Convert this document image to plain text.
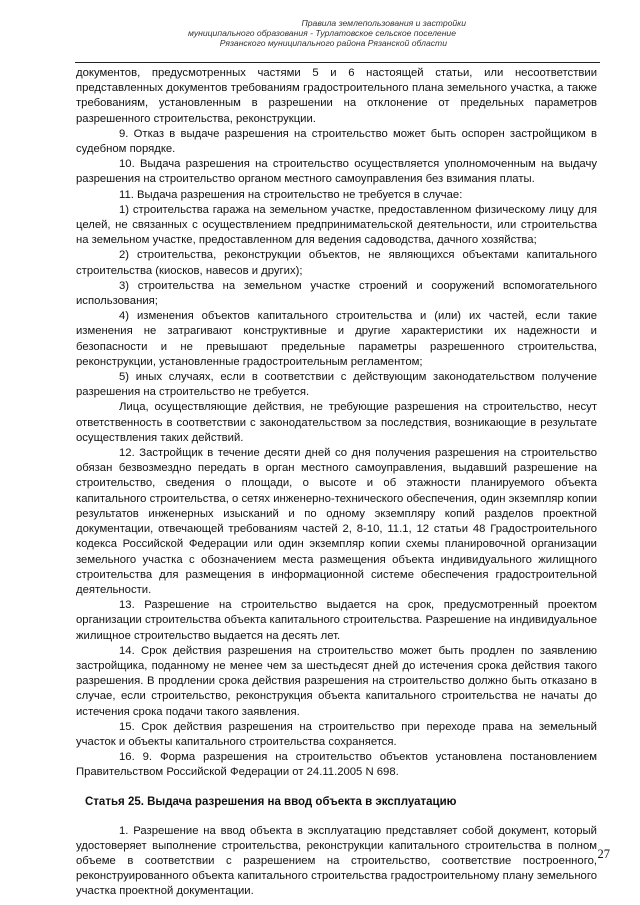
Правила землепользования и застройки
муниципального образования - Турлатовское сельское поселение
Рязанского муниципального района Рязанской области

документов, предусмотренных частями 5 и 6 настоящей статьи, или несоответствии представленных документов требованиям градостроительного плана земельного участка, а также требованиям, установленным в разрешении на отклонение от предельных параметров разрешенного строительства, реконструкции.

9. Отказ в выдаче разрешения на строительство может быть оспорен застройщиком в судебном порядке.

10. Выдача разрешения на строительство осуществляется уполномоченным на выдачу разрешения на строительство органом местного самоуправления без взимания платы.

11. Выдача разрешения на строительство не требуется в случае:

1) строительства гаража на земельном участке, предоставленном физическому лицу для целей, не связанных с осуществлением предпринимательской деятельности, или строительства на земельном участке, предоставленном для ведения садоводства, дачного хозяйства;

2) строительства, реконструкции объектов, не являющихся объектами капитального строительства (киосков, навесов и других);

3) строительства на земельном участке строений и сооружений вспомогательного использования;

4) изменения объектов капитального строительства и (или) их частей, если такие изменения не затрагивают конструктивные и другие характеристики их надежности и безопасности и не превышают предельные параметры разрешенного строительства, реконструкции, установленные градостроительным регламентом;

5) иных случаях, если в соответствии с действующим законодательством получение разрешения на строительство не требуется.

Лица, осуществляющие действия, не требующие разрешения на строительство, несут ответственность в соответствии с законодательством за последствия, возникающие в результате осуществления таких действий.

12. Застройщик в течение десяти дней со дня получения разрешения на строительство обязан безвозмездно передать в орган местного самоуправления, выдавший разрешение на строительство, сведения о площади, о высоте и об этажности планируемого объекта капитального строительства, о сетях инженерно-технического обеспечения, один экземпляр копии результатов инженерных изысканий и по одному экземпляру копий разделов проектной документации, отвечающей требованиям частей 2, 8-10, 11.1, 12 статьи 48 Градостроительного кодекса Российской Федерации или один экземпляр копии схемы планировочной организации земельного участка с обозначением места размещения объекта индивидуального жилищного строительства для размещения в информационной системе обеспечения градостроительной деятельности.

13. Разрешение на строительство выдается на срок, предусмотренный проектом организации строительства объекта капитального строительства. Разрешение на индивидуальное жилищное строительство выдается на десять лет.

14. Срок действия разрешения на строительство может быть продлен по заявлению застройщика, поданному не менее чем за шестьдесят дней до истечения срока действия такого разрешения. В продлении срока действия разрешения на строительство должно быть отказано в случае, если строительство, реконструкция объекта капитального строительства не начаты до истечения срока подачи такого заявления.

15. Срок действия разрешения на строительство при переходе права на земельный участок и объекты капитального строительства сохраняется.

16. 9. Форма разрешения на строительство объектов установлена постановлением Правительством Российской Федерации от 24.11.2005 N 698.

Статья 25. Выдача разрешения на ввод объекта в эксплуатацию

1. Разрешение на ввод объекта в эксплуатацию представляет собой документ, который удостоверяет выполнение строительства, реконструкции капитального строительства в полном объеме в соответствии с разрешением на строительство, соответствие построенного, реконструированного объекта капитального строительства градостроительному плану земельного участка проектной документации.

27
